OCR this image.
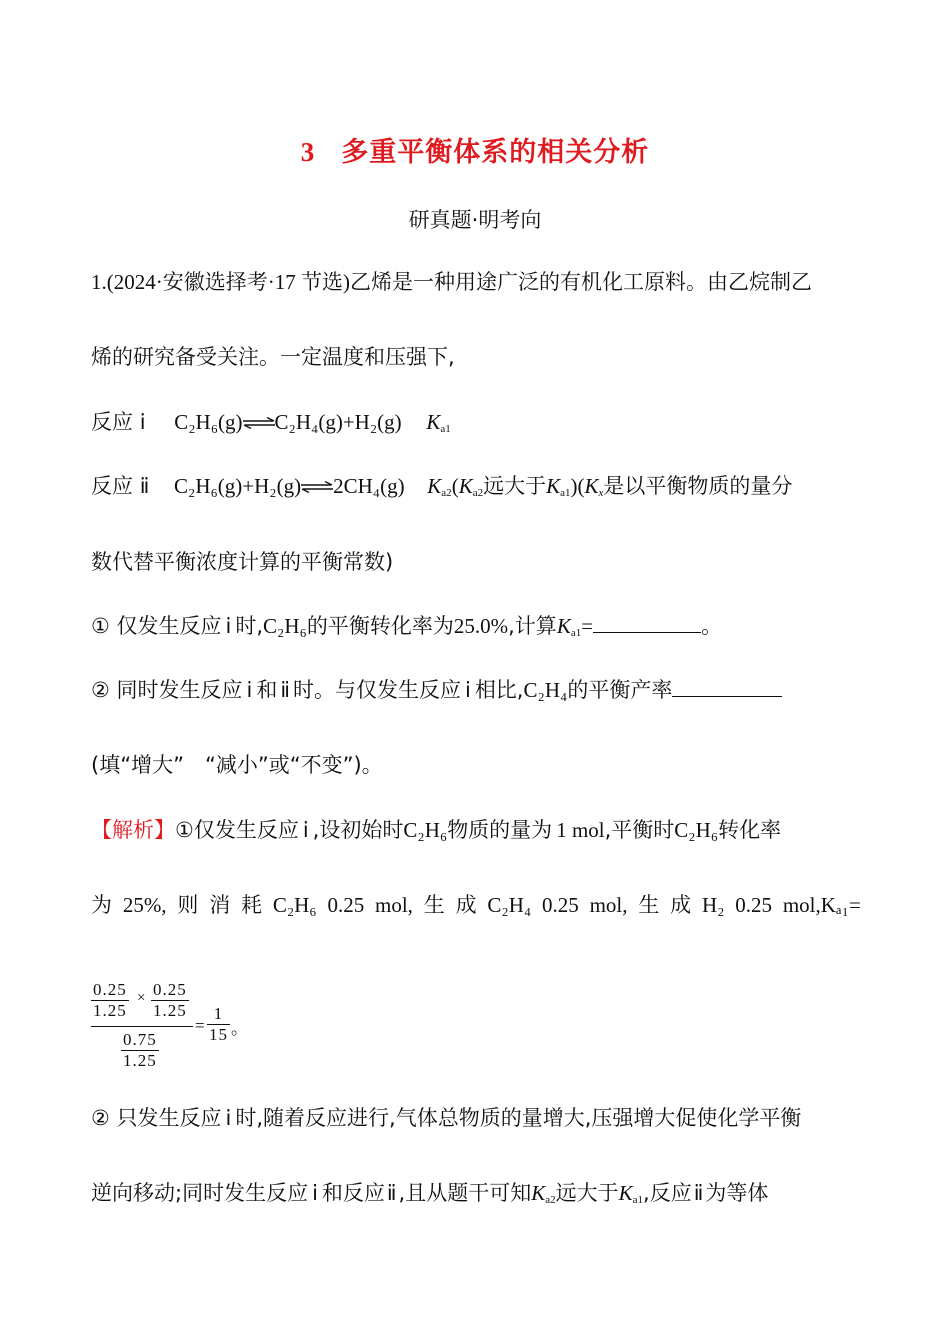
3 多重平衡体系的相关分析
研真题·明考向
1.(2024·安徽选择考·17 节选)乙烯是一种用途广泛的有机化工原料。由乙烷制乙
烯的研究备受关注。一定温度和压强下,
反应 ⅰ C₂H₆(g)⇌C₂H₄(g)+H₂(g) $K_{a1}$
反应 ⅱ C₂H₆(g)+H₂(g)⇌2CH₄(g) $K_{a2}(K_{a2}$远大于$K_{a1})(K_x$是以平衡物质的量分
数代替平衡浓度计算的平衡常数)
① 仅发生反应 ⅰ 时,C₂H₆的平衡转化率为25.0%,计算$K_{a1}=$	。
② 同时发生反应 ⅰ 和 ⅱ 时。与仅发生反应 ⅰ 相比,C₂H₄的平衡产率
(填“增大”　“减小”或“不变”)。
【解析】①仅发生反应 ⅰ ,设初始时C₂H₆物质的量为 1 mol,平衡时C₂H₆转化率
为 25%, 则 消 耗 C₂H₆ 0.25 mol, 生 成 C₂H₄ 0.25 mol, 生 成 H₂ 0.25 mol,Kₐ₁=
$\frac{0.25}{1.25} \times \frac{0.25}{1.25}$
$\frac{0.75}{1.25}$
= $\frac{1}{15}$ 。
② 只发生反应 ⅰ 时,随着反应进行,气体总物质的量增大,压强增大促使化学平衡
逆向移动;同时发生反应 ⅰ 和反应ⅱ,且从题干可知$K_{a2}$远大于$K_{a1}$,反应ⅱ为等体
